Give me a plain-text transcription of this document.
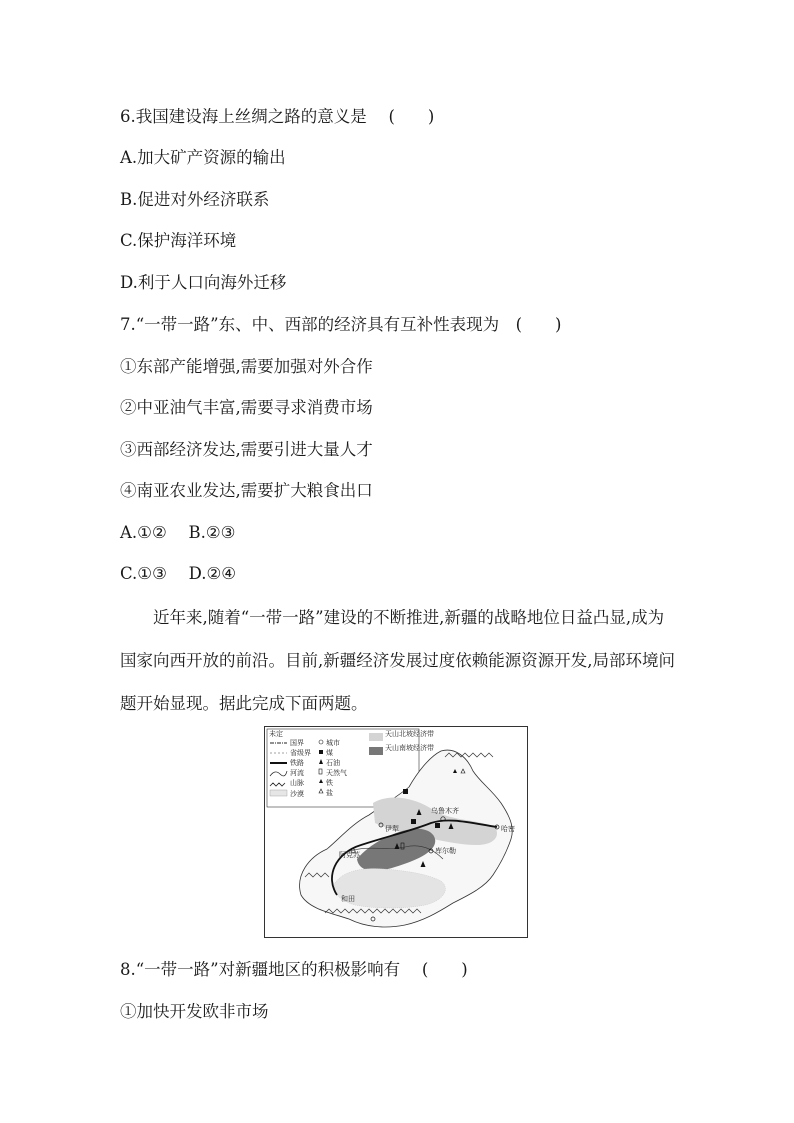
6.我国建设海上丝绸之路的意义是　 (　　)
A.加大矿产资源的输出
B.促进对外经济联系
C.保护海洋环境
D.利于人口向海外迁移
7.“一带一路”东、中、西部的经济具有互补性表现为　(　　)
①东部产能增强,需要加强对外合作
②中亚油气丰富,需要寻求消费市场
③西部经济发达,需要引进大量人才
④南亚农业发达,需要扩大粮食出口
A.①②　 B.②③
C.①③　 D.②④
近年来,随着“一带一路”建设的不断推进,新疆的战略地位日益凸显,成为国家向西开放的前沿。目前,新疆经济发展过度依赖能源资源开发,局部环境问题开始显现。据此完成下面两题。
未定
国界
省级界
铁路
河流
山脉
沙漠
城市
煤
石油
天然气
铁
盐
天山北坡经济带
天山南坡经济带
乌鲁木齐
伊犁	哈密
阿克苏	库尔勒
和田
8.“一带一路”对新疆地区的积极影响有　 (　　)
①加快开发欧非市场
